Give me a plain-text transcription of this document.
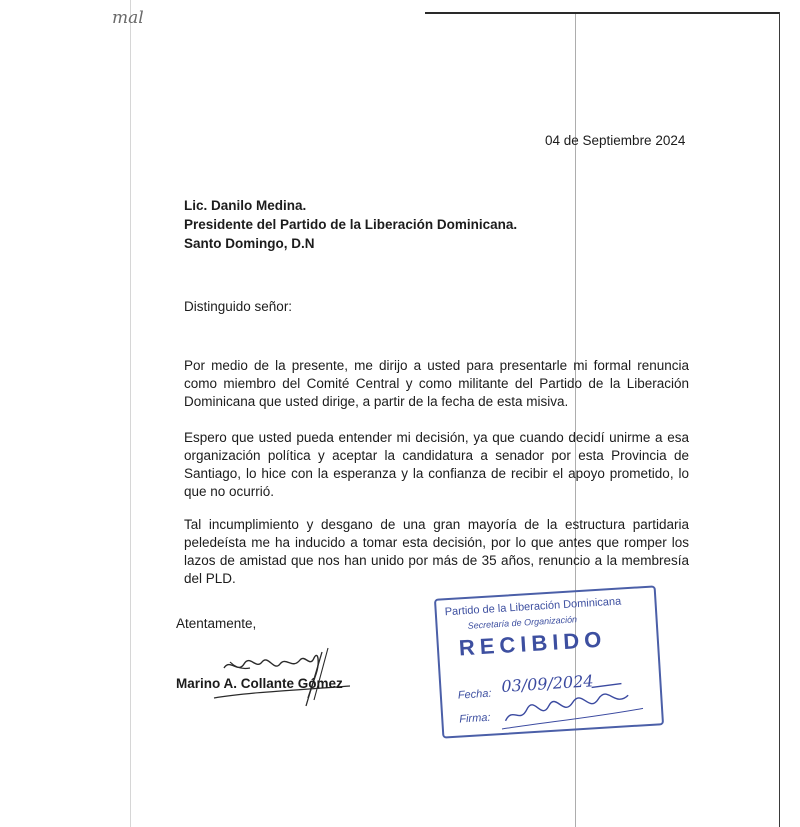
mal
04 de Septiembre 2024
Lic. Danilo Medina.
Presidente del Partido de la Liberación Dominicana.
Santo Domingo, D.N
Distinguido señor:
Por medio de la presente, me dirijo a usted para presentarle mi formal renuncia como miembro del Comité Central y como militante del Partido de la Liberación Dominicana que usted dirige, a partir de la fecha de esta misiva.
Espero que usted pueda entender mi decisión, ya que cuando decidí unirme a esa organización política y aceptar la candidatura a senador por esta Provincia de Santiago, lo hice con la esperanza y la confianza de recibir el apoyo prometido, lo que no ocurrió.
Tal incumplimiento y desgano de una gran mayoría de la estructura partidaria peledeísta me ha inducido a tomar esta decisión, por lo que antes que romper los lazos de amistad que nos han unido por más de 35 años, renuncio a la membresía del PLD.
Atentamente,
Marino A. Collante Gómez
Partido de la Liberación Dominicana
Secretaría de Organización
RECIBIDO
Fecha: 03/09/2024
Firma:
